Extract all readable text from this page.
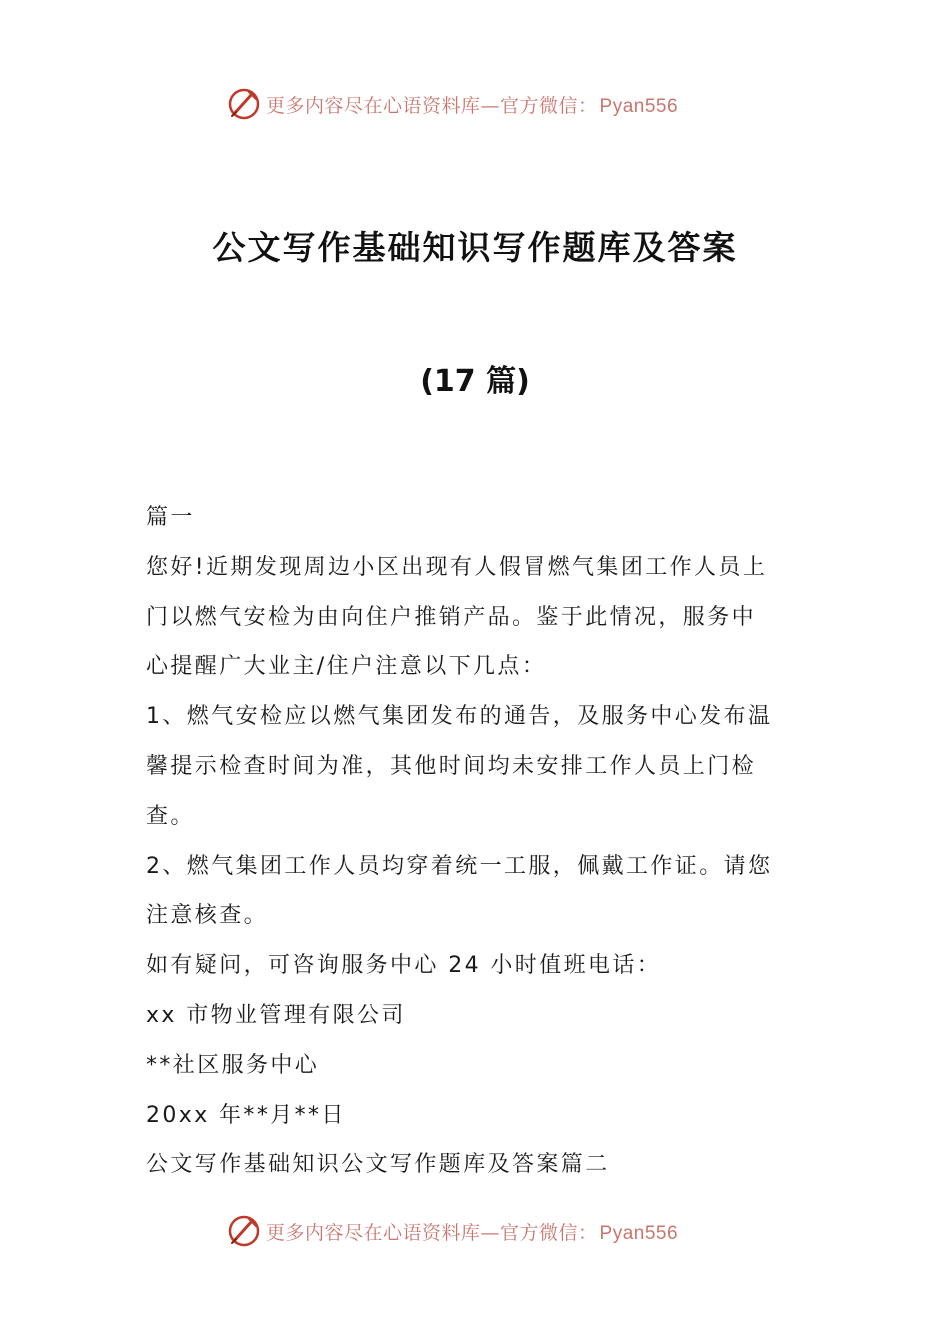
更多内容尽在心语资料库—官方微信： Pyan556
公文写作基础知识写作题库及答案
(17 篇)

篇一

您好!近期发现周边小区出现有人假冒燃气集团工作人员上

门以燃气安检为由向住户推销产品。鉴于此情况，服务中

心提醒广大业主/住户注意以下几点：

1、燃气安检应以燃气集团发布的通告，及服务中心发布温

馨提示检查时间为准，其他时间均未安排工作人员上门检

查。

2、燃气集团工作人员均穿着统一工服，佩戴工作证。请您

注意核查。

如有疑问，可咨询服务中心 24 小时值班电话：

xx 市物业管理有限公司

**社区服务中心

20xx 年**月**日

公文写作基础知识公文写作题库及答案篇二

更多内容尽在心语资料库—官方微信： Pyan556
